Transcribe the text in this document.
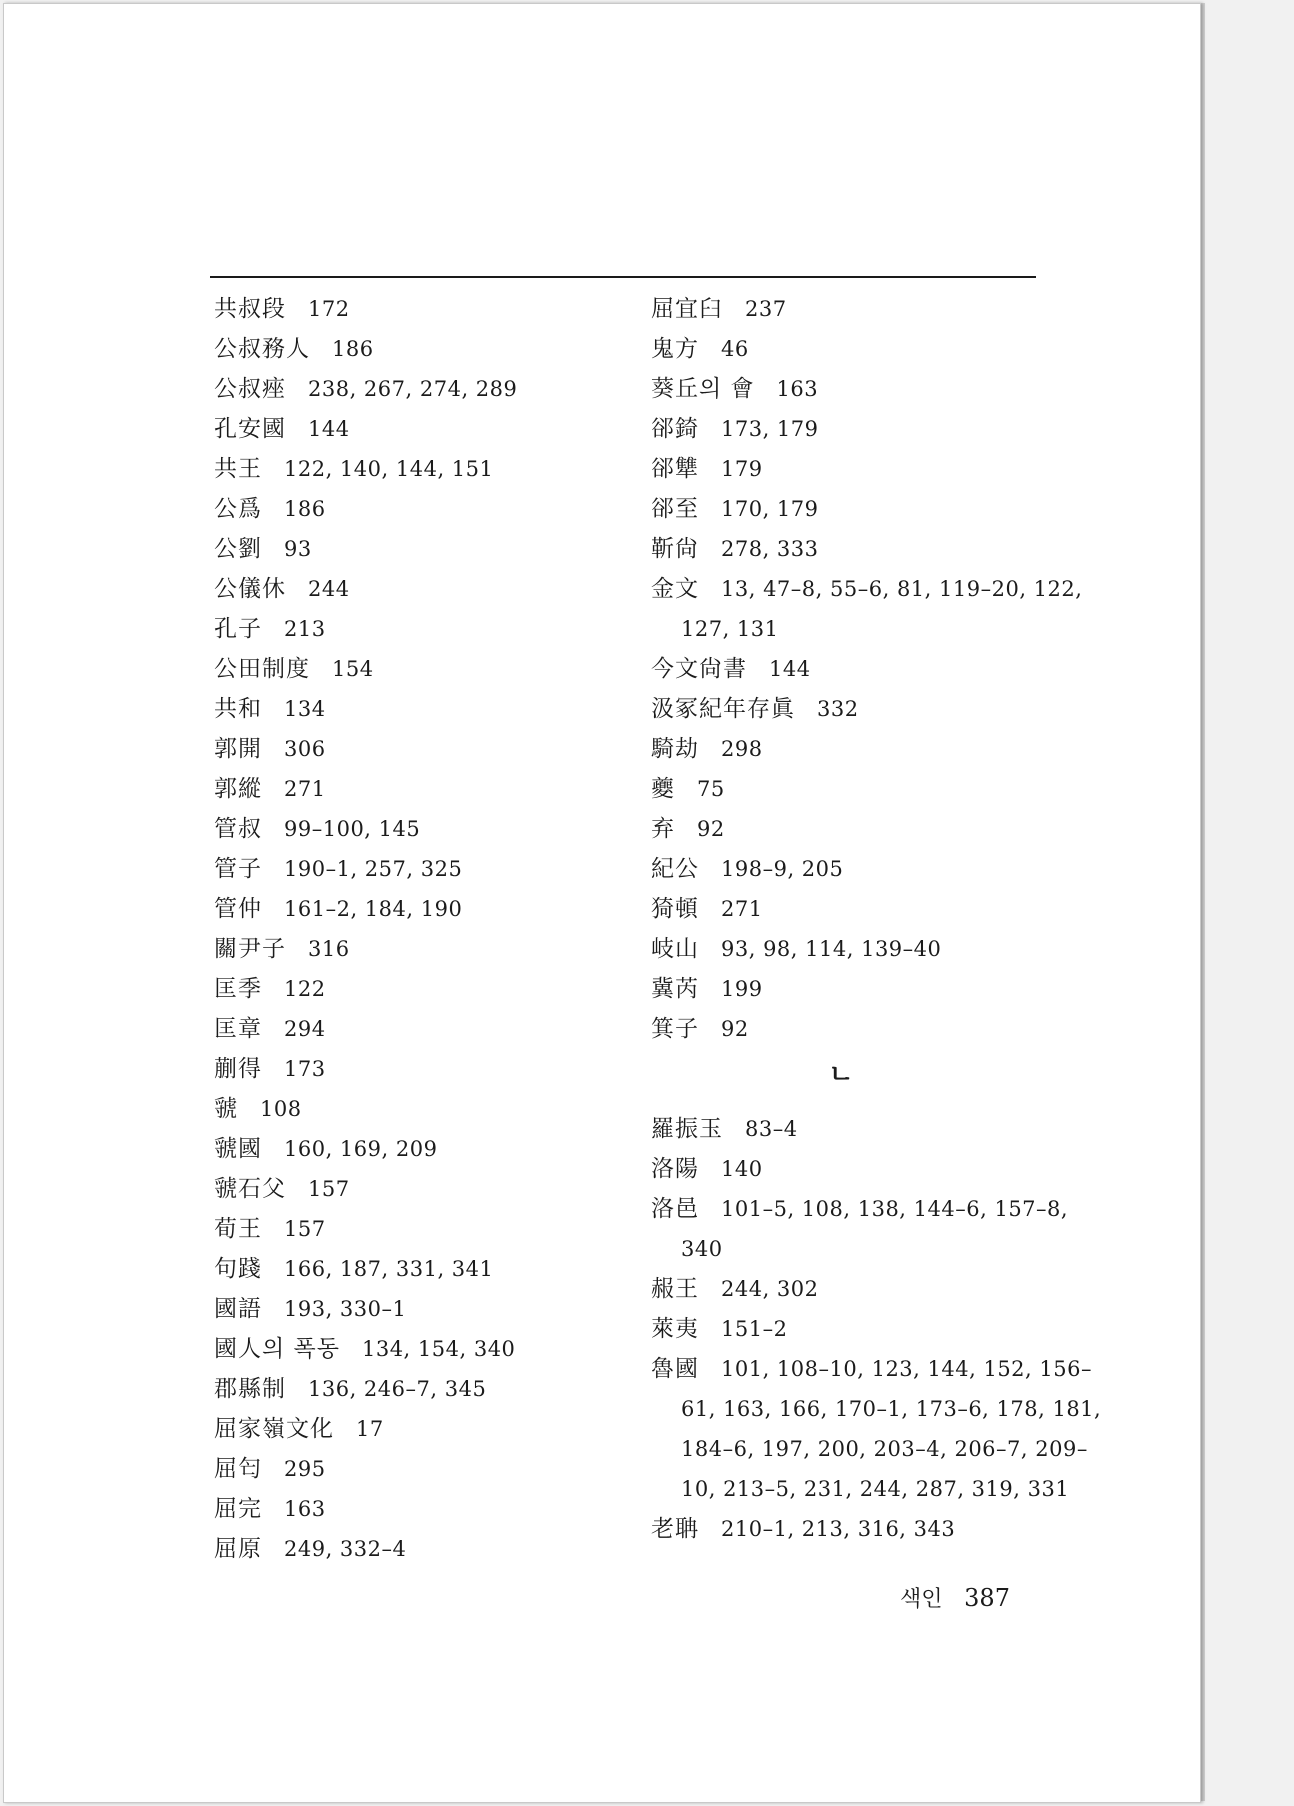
共叔段 172
公叔務人 186
公叔痤 238, 267, 274, 289
孔安國 144
共王 122, 140, 144, 151
公爲 186
公劉 93
公儀休 244
孔子 213
公田制度 154
共和 134
郭開 306
郭縱 271
管叔 99–100, 145
管子 190–1, 257, 325
管仲 161–2, 184, 190
關尹子 316
匡季 122
匡章 294
蒯得 173
虢 108
虢國 160, 169, 209
虢石父 157
荀王 157
句踐 166, 187, 331, 341
國語 193, 330–1
國人의 폭동 134, 154, 340
郡縣制 136, 246–7, 345
屈家嶺文化 17
屈匄 295
屈完 163
屈原 249, 332–4
屈宜臼 237
鬼方 46
葵丘의 會 163
郤錡 173, 179
郤犨 179
郤至 170, 179
靳尙 278, 333
金文 13, 47–8, 55–6, 81, 119–20, 122,
127, 131
今文尙書 144
汲冢紀年存眞 332
騎劫 298
夔 75
弃 92
紀公 198–9, 205
猗頓 271
岐山 93, 98, 114, 139–40
冀芮 199
箕子 92
ㄴ
羅振玉 83–4
洛陽 140
洛邑 101–5, 108, 138, 144–6, 157–8,
340
赧王 244, 302
萊夷 151–2
魯國 101, 108–10, 123, 144, 152, 156–
61, 163, 166, 170–1, 173–6, 178, 181,
184–6, 197, 200, 203–4, 206–7, 209–
10, 213–5, 231, 244, 287, 319, 331
老聃 210–1, 213, 316, 343
색인 387
